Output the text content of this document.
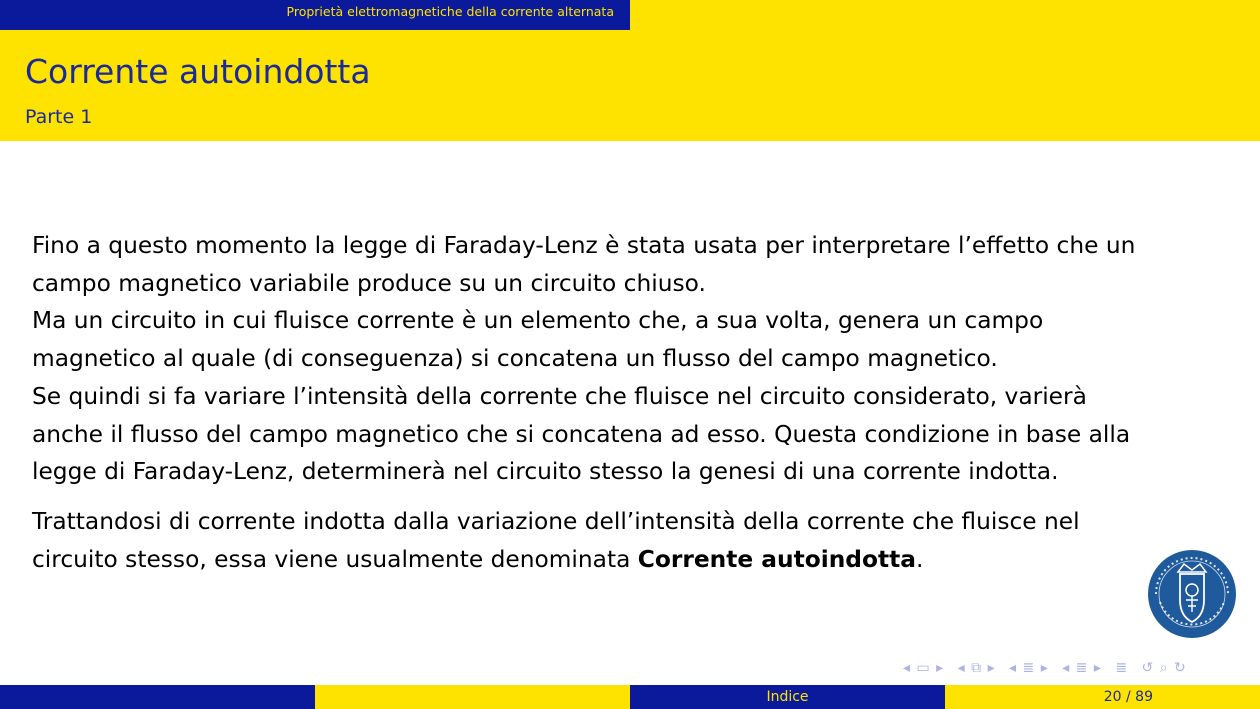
Proprietà elettromagnetiche della corrente alternata
Corrente autoindotta
Parte 1

Fino a questo momento la legge di Faraday-Lenz è stata usata per interpretare l’effetto che un
campo magnetico variabile produce su un circuito chiuso.
Ma un circuito in cui fluisce corrente è un elemento che, a sua volta, genera un campo
magnetico al quale (di conseguenza) si concatena un flusso del campo magnetico.
Se quindi si fa variare l’intensità della corrente che fluisce nel circuito considerato, varierà
anche il flusso del campo magnetico che si concatena ad esso. Questa condizione in base alla
legge di Faraday-Lenz, determinerà nel circuito stesso la genesi di una corrente indotta.

Trattandosi di corrente indotta dalla variazione dell’intensità della corrente che fluisce nel
circuito stesso, essa viene usualmente denominata Corrente autoindotta.

◂ ▭ ▸ ◂ ⧉ ▸ ◂ ≣ ▸ ◂ ≣ ▸ ≣ ↺ ⌕ ↻
Indice	20 / 89
